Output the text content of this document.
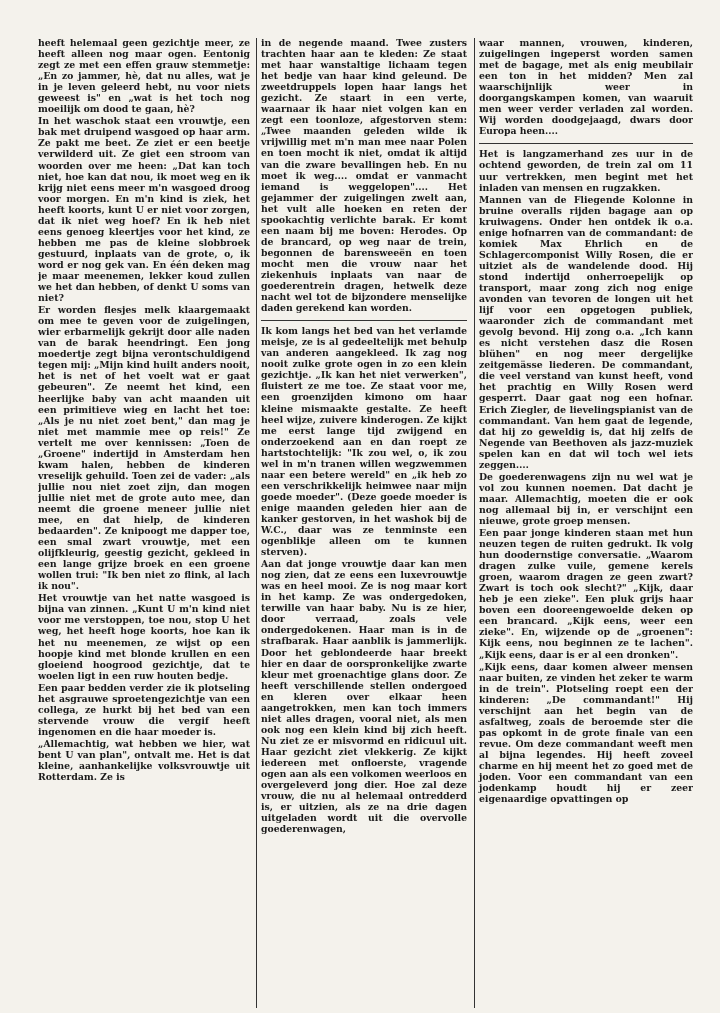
heeft helemaal geen gezichtje meer, ze heeft alleen nog maar ogen. Eentonig zegt ze met een effen grauw stemmetje: „En zo jammer, hè, dat nu alles, wat je in je leven geleerd hebt, nu voor niets geweest is" en „wat is het toch nog moeilijk om dood te gaan, hè?

In het waschok staat een vrouwtje, een bak met druipend wasgoed op haar arm. Ze pakt me beet. Ze ziet er een beetje verwilderd uit. Ze giet een stroom van woorden over me heen: „Dat kan toch niet, hoe kan dat nou, ik moet weg en ik krijg niet eens meer m'n wasgoed droog voor morgen. En m'n kind is ziek, het heeft koorts, kunt U er niet voor zorgen, dat ik niet weg hoef? En ik heb niet eens genoeg kleertjes voor het kind, ze hebben me pas de kleine slobbroek gestuurd, inplaats van de grote, o, ik word er nog gek van. En één deken mag je maar meenemen, lekker koud zullen we het dan hebben, of denkt U soms van niet?

Er worden flesjes melk klaargemaakt om mee te geven voor de zuigelingen, wier erbarmelijk gekrijt door alle naden van de barak heendringt. Een jong moedertje zegt bijna verontschuldigend tegen mij: „Mijn kind huilt anders nooit, het is net of het voelt wat er gaat gebeuren". Ze neemt het kind, een heerlijke baby van acht maanden uit een primitieve wieg en lacht het toe: „Als je nu niet zoet bent," dan mag je niet met mammie mee op reis!" Ze vertelt me over kennissen: „Toen de „Groene" indertijd in Amsterdam hen kwam halen, hebben de kinderen vreselijk gehuild. Toen zei de vader: „als jullie nou niet zoet zijn, dan mogen jullie niet met de grote auto mee, dan neemt die groene meneer jullie niet mee, en dat hielp, de kinderen bedaarden". Ze knipoogt me dapper toe, een smal zwart vrouwtje, met een olijfkleurig, geestig gezicht, gekleed in een lange grijze broek en een groene wollen trui: "Ik ben niet zo flink, al lach ik nou".

Het vrouwtje van het natte wasgoed is bijna van zinnen. „Kunt U m'n kind niet voor me verstoppen, toe nou, stop U het weg, het heeft hoge koorts, hoe kan ik het nu meenemen, ze wijst op een hoopje kind met blonde krullen en een gloeiend hoogrood gezichtje, dat te woelen ligt in een ruw houten bedje.

Een paar bedden verder zie ik plotseling het asgrauwe sproetengezichtje van een collega, ze hurkt bij het bed van een stervende vrouw die vergif heeft ingenomen en die haar moeder is.

„Allemachtig, wat hebben we hier, wat bent U van plan", ontvalt me. Het is dat kleine, aanhankelijke volksvrouwtje uit Rotterdam. Ze is

in de negende maand. Twee zusters trachten haar aan te kleden: Ze staat met haar wanstaltige lichaam tegen het bedje van haar kind geleund. De zweetdruppels lopen haar langs het gezicht. Ze staart in een verte, waarnaar ik haar niet volgen kan en zegt een toonloze, afgestorven stem: „Twee maanden geleden wilde ik vrijwillig met m'n man mee naar Polen en toen mocht ik niet, omdat ik altijd van die zware bevallingen heb. En nu moet ik weg.... omdat er vanmacht iemand is weggelopen".... Het gejammer der zuigelingen zwelt aan, het vult alle hoeken en reten der spookachtig verlichte barak. Er komt een naam bij me boven: Herodes. Op de brancard, op weg naar de trein, begonnen de barensweeën en toen mocht men die vrouw naar het ziekenhuis inplaats van naar de goederentrein dragen, hetwelk deze nacht wel tot de bijzondere menselijke daden gerekend kan worden.

Ik kom langs het bed van het verlamde meisje, ze is al gedeeltelijk met behulp van anderen aangekleed. Ik zag nog nooit zulke grote ogen in zo een klein gezichtje. „Ik kan het niet verwerken", fluistert ze me toe. Ze staat voor me, een groenzijden kimono om haar kleine mismaakte gestalte. Ze heeft heel wijze, zuivere kinderogen. Ze kijkt me eerst lange tijd zwijgend en onderzoekend aan en dan roept ze hartstochtelijk: "Ik zou wel, o, ik zou wel in m'n tranen willen wegzwemmen naar een betere wereld" en „ik heb zo een verschrikkelijk heimwee naar mijn goede moeder". (Deze goede moeder is enige maanden geleden hier aan de kanker gestorven, in het washok bij de W.C., daar was ze tenminste een ogenblikje alleen om te kunnen sterven).

Aan dat jonge vrouwtje daar kan men nog zien, dat ze eens een luxevrouwtje was en heel mooi. Ze is nog maar kort in het kamp. Ze was ondergedoken, terwille van haar baby. Nu is ze hier, door verraad, zoals vele ondergedokenen. Haar man is in de strafbarak. Haar aanblik is jammerlijk. Door het geblondeerde haar breekt hier en daar de oorspronkelijke zwarte kleur met groenachtige glans door. Ze heeft verschillende stellen ondergoed en kleren over elkaar heen aangetrokken, men kan toch immers niet alles dragen, vooral niet, als men ook nog een klein kind bij zich heeft. Nu ziet ze er misvormd en ridicuul uit. Haar gezicht ziet vlekkerig. Ze kijkt iedereen met onfloerste, vragende ogen aan als een volkomen weerloos en overgeleverd jong dier. Hoe zal deze vrouw, die nu al helemaal ontredderd is, er uitzien, als ze na drie dagen uitgeladen wordt uit die overvolle goederenwagen,

waar mannen, vrouwen, kinderen, zuigelingen ingeperst worden samen met de bagage, met als enig meubilair een ton in het midden? Men zal waarschijnlijk weer in doorgangskampen komen, van waaruit men weer verder verladen zal worden. Wij worden doodgejaagd, dwars door Europa heen....

Het is langzamerhand zes uur in de ochtend geworden, de trein zal om 11 uur vertrekken, men begint met het inladen van mensen en rugzakken.

Mannen van de Fliegende Kolonne in bruine overalls rijden bagage aan op kruiwagens. Onder hen ontdek ik o.a. enige hofnarren van de commandant: de komiek Max Ehrlich en de Schlagercomponist Willy Rosen, die er uitziet als de wandelende dood. Hij stond indertijd onherroepelijk op transport, maar zong zich nog enige avonden van tevoren de longen uit het lijf voor een opgetogen publiek, waaronder zich de commandant met gevolg bevond. Hij zong o.a. „Ich kann es nicht verstehen dasz die Rosen blühen" en nog meer dergelijke zeitgemässe liederen. De commandant, die veel verstand van kunst heeft, vond het prachtig en Willy Rosen werd gesperrt. Daar gaat nog een hofnar. Erich Ziegler, de lievelingspianist van de commandant. Van hem gaat de legende, dat hij zo geweldig is, dat hij zelfs de Negende van Beethoven als jazz-muziek spelen kan en dat wil toch wel iets zeggen....

De goederenwagens zijn nu wel wat je vol zou kunnen noemen. Dat dacht je maar. Allemachtig, moeten die er ook nog allemaal bij in, er verschijnt een nieuwe, grote groep mensen.

Een paar jonge kinderen staan met hun neuzen tegen de ruiten gedrukt. Ik volg hun doodernstige conversatie. „Waarom dragen zulke vuile, gemene kerels groen, waarom dragen ze geen zwart? Zwart is toch ook slecht?" „Kijk, daar heb je een zieke". Een pluk grijs haar boven een dooreengewoelde deken op een brancard. „Kijk eens, weer een zieke". En, wijzende op de „groenen": Kijk eens, nou beginnen ze te lachen". „Kijk eens, daar is er al een dronken".

„Kijk eens, daar komen alweer mensen naar buiten, ze vinden het zeker te warm in de trein". Plotseling roept een der kinderen: „De commandant!" Hij verschijnt aan het begin van de asfaltweg, zoals de beroemde ster die pas opkomt in de grote finale van een revue. Om deze commandant weeft men al bijna legendes. Hij heeft zoveel charme en hij meent het zo goed met de joden. Voor een commandant van een jodenkamp houdt hij er zeer eigenaardige opvattingen op
